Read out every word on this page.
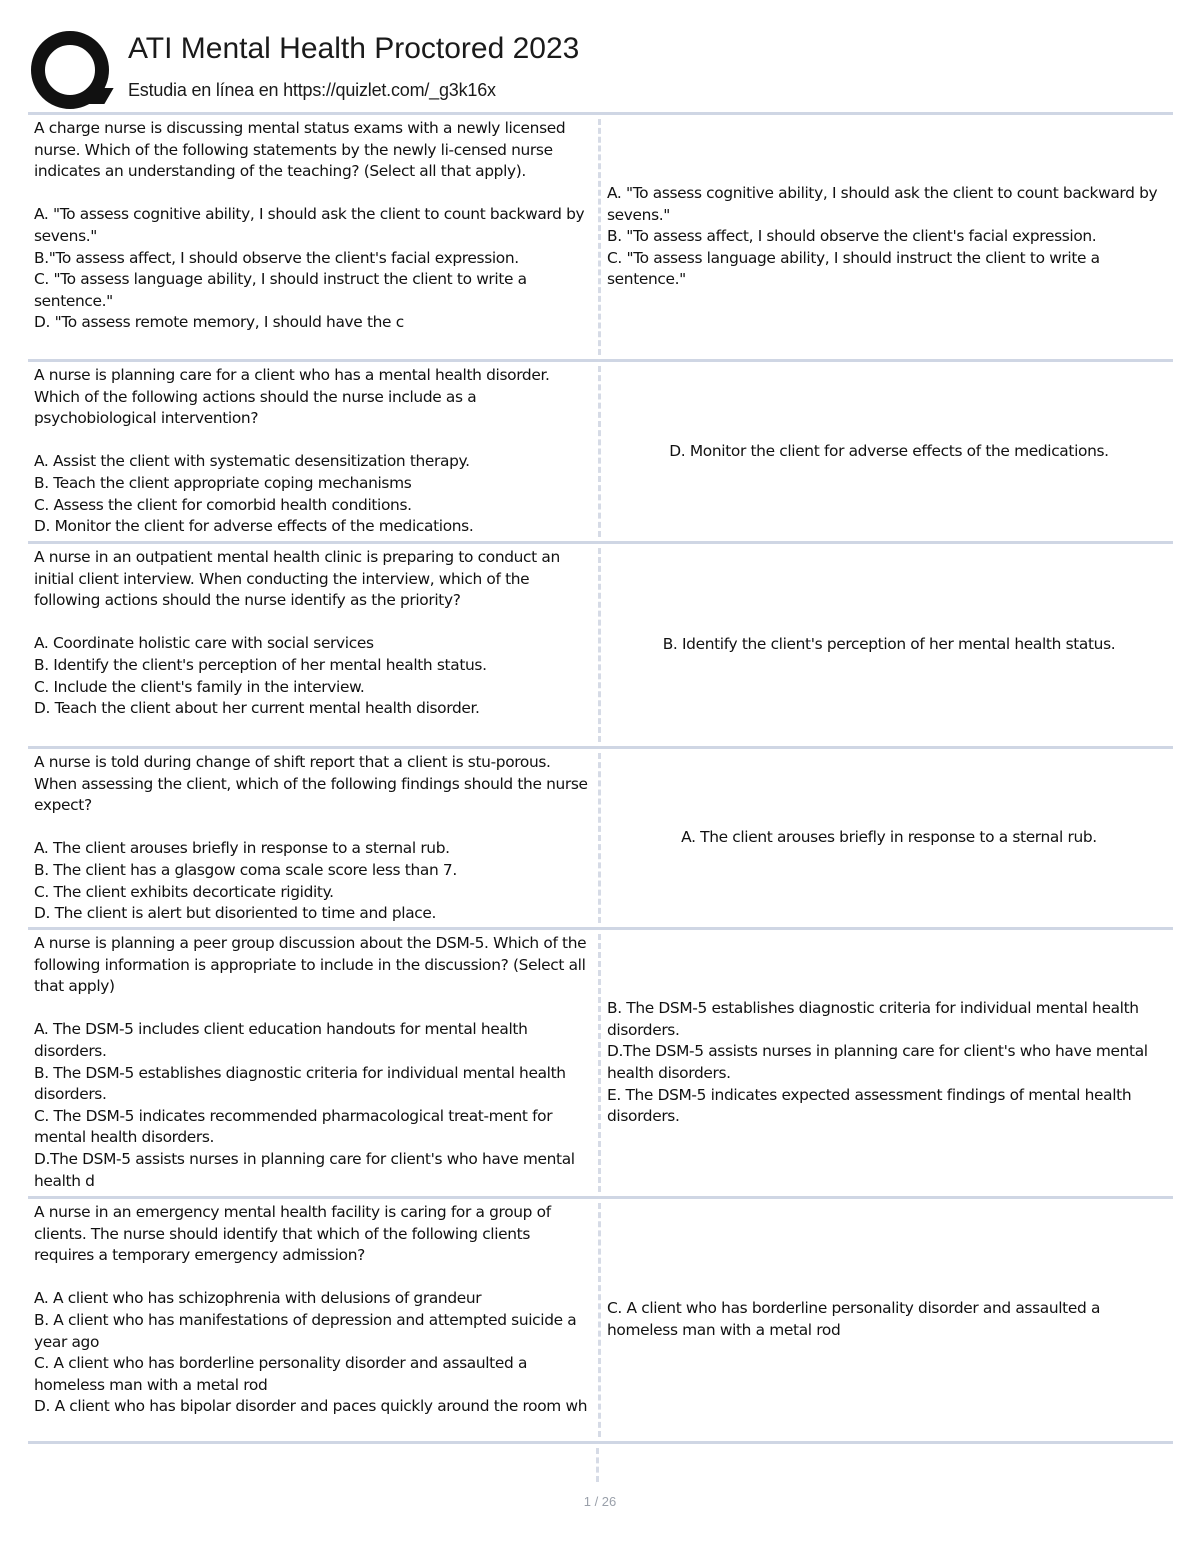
ATI Mental Health Proctored 2023
Estudia en línea en https://quizlet.com/_g3k16x
A charge nurse is discussing mental status exams with a newly licensed nurse. Which of the following statements by the newly li-censed nurse indicates an understanding of the teaching? (Select all that apply).

A. "To assess cognitive ability, I should ask the client to count backward by sevens."
B."To assess affect, I should observe the client's facial expression.
C. "To assess language ability, I should instruct the client to write a sentence."
D. "To assess remote memory, I should have the c
A. "To assess cognitive ability, I should ask the client to count backward by sevens."
B. "To assess affect, I should observe the client's facial expression.
C. "To assess language ability, I should instruct the client to write a sentence."
A nurse is planning care for a client who has a mental health disorder. Which of the following actions should the nurse include as a psychobiological intervention?

A. Assist the client with systematic desensitization therapy.
B. Teach the client appropriate coping mechanisms
C. Assess the client for comorbid health conditions.
D. Monitor the client for adverse effects of the medications.
D. Monitor the client for adverse effects of the medications.
A nurse in an outpatient mental health clinic is preparing to conduct an initial client interview. When conducting the interview, which of the following actions should the nurse identify as the priority?

A. Coordinate holistic care with social services
B. Identify the client's perception of her mental health status.
C. Include the client's family in the interview.
D. Teach the client about her current mental health disorder.
B. Identify the client's perception of her mental health status.
A nurse is told during change of shift report that a client is stu-porous. When assessing the client, which of the following findings should the nurse expect?

A. The client arouses briefly in response to a sternal rub.
B. The client has a glasgow coma scale score less than 7.
C. The client exhibits decorticate rigidity.
D. The client is alert but disoriented to time and place.
A. The client arouses briefly in response to a sternal rub.
A nurse is planning a peer group discussion about the DSM-5. Which of the following information is appropriate to include in the discussion? (Select all that apply)

A. The DSM-5 includes client education handouts for mental health disorders.
B. The DSM-5 establishes diagnostic criteria for individual mental health disorders.
C. The DSM-5 indicates recommended pharmacological treat-ment for mental health disorders.
D.The DSM-5 assists nurses in planning care for client's who have mental health d
B. The DSM-5 establishes diagnostic criteria for individual mental health disorders.
D.The DSM-5 assists nurses in planning care for client's who have mental health disorders.
E. The DSM-5 indicates expected assessment findings of mental health disorders.
A nurse in an emergency mental health facility is caring for a group of clients. The nurse should identify that which of the following clients requires a temporary emergency admission?

A. A client who has schizophrenia with delusions of grandeur
B. A client who has manifestations of depression and attempted suicide a year ago
C. A client who has borderline personality disorder and assaulted a homeless man with a metal rod
D. A client who has bipolar disorder and paces quickly around the room wh
C. A client who has borderline personality disorder and assaulted a homeless man with a metal rod
1 / 26
